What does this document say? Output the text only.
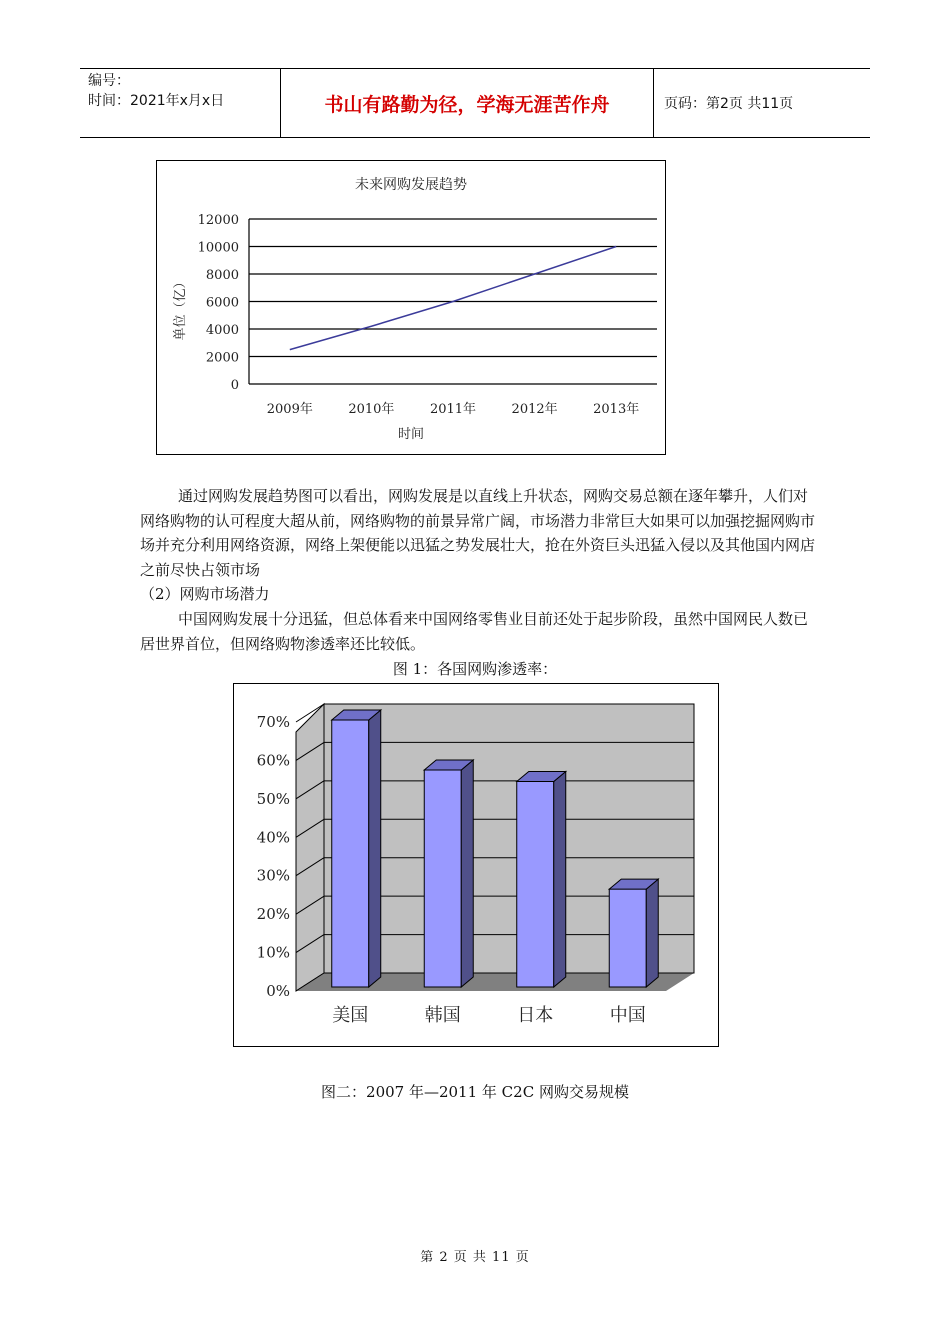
编号：
时间：2021年x月x日	书山有路勤为径，学海无涯苦作舟	页码：第2页 共11页
未来网购发展趋势
0
2000
4000
6000
8000
10000
12000
2009年	2010年	2011年	2012年	2013年
时间
单位（亿）
通过网购发展趋势图可以看出，网购发展是以直线上升状态，网购交易总额在逐年攀升，人们对网络购物的认可程度大超从前，网络购物的前景异常广阔，市场潜力非常巨大如果可以加强挖掘网购市场并充分利用网络资源，网络上架便能以迅猛之势发展壮大，抢在外资巨头迅猛入侵以及其他国内网店之前尽快占领市场
（2）网购市场潜力
中国网购发展十分迅猛，但总体看来中国网络零售业目前还处于起步阶段，虽然中国网民人数已居世界首位，但网络购物渗透率还比较低。
图 1：各国网购渗透率：
0%
10%
20%
30%
40%
50%
60%
70%
美国	韩国	日本	中国
图二：2007 年—2011 年 C2C 网购交易规模
第 2 页 共 11 页
